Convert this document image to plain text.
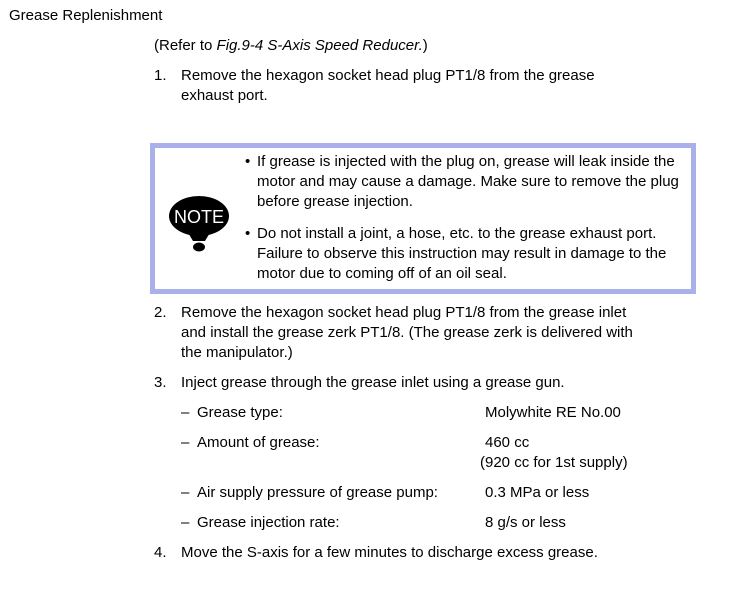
Grease Replenishment
(Refer to Fig.9-4 S-Axis Speed Reducer.)
1. Remove the hexagon socket head plug PT1/8 from the grease
exhaust port.
NOTE
• If grease is injected with the plug on, grease will leak inside the motor and may cause a damage. Make sure to remove the plug before grease injection.
• Do not install a joint, a hose, etc. to the grease exhaust port. Failure to observe this instruction may result in damage to the motor due to coming off of an oil seal.
2. Remove the hexagon socket head plug PT1/8 from the grease inlet
and install the grease zerk PT1/8. (The grease zerk is delivered with
the manipulator.)
3. Inject grease through the grease inlet using a grease gun.
– Grease type:	Molywhite RE No.00
– Amount of grease:	460 cc
(920 cc for 1st supply)
– Air supply pressure of grease pump:	0.3 MPa or less
– Grease injection rate:	8 g/s or less
4. Move the S-axis for a few minutes to discharge excess grease.
